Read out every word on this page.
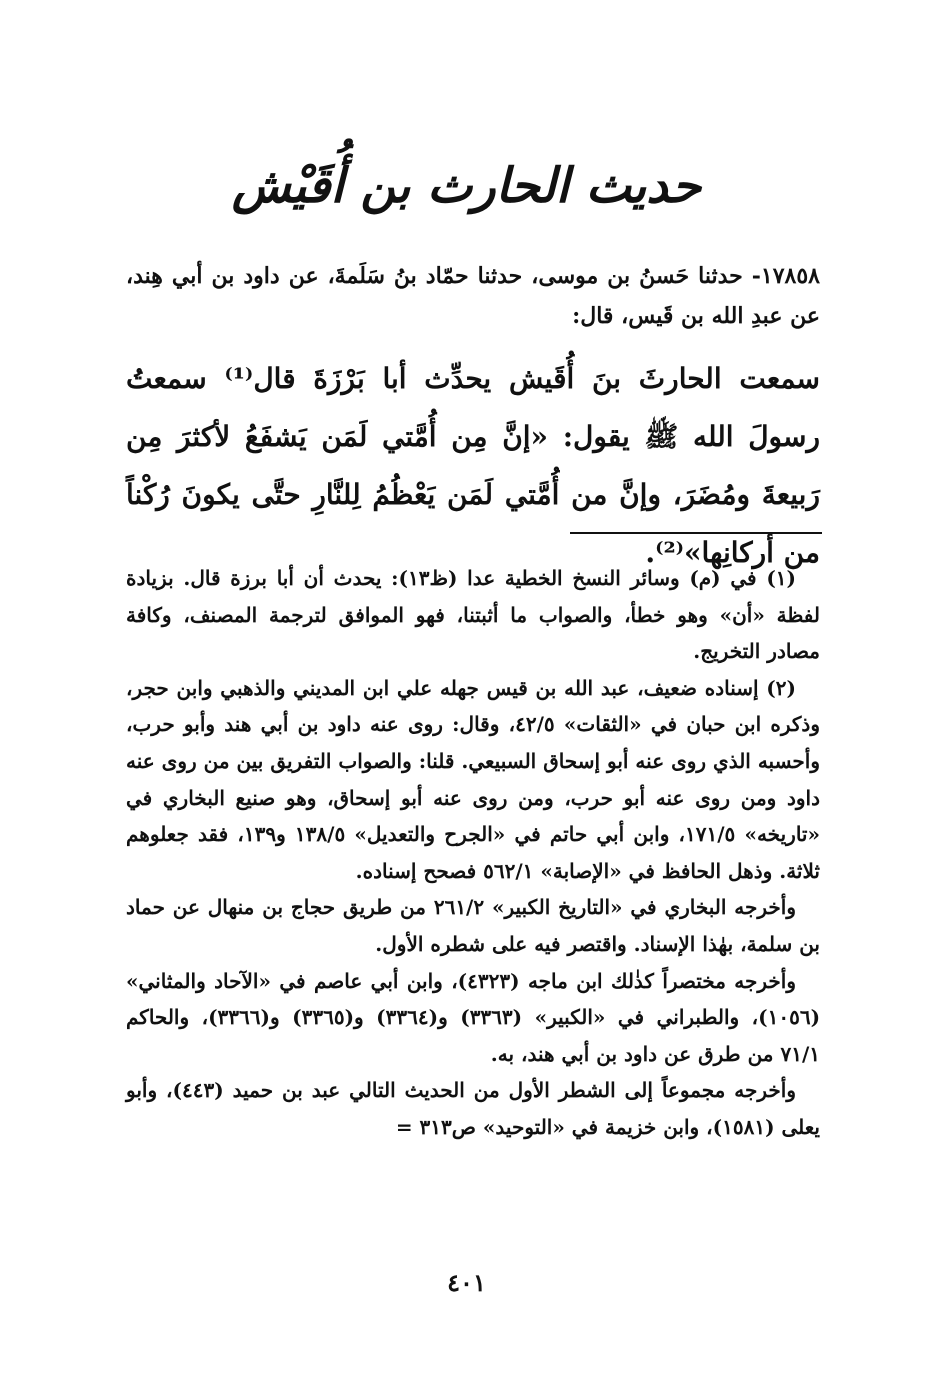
حديث الحارث بن أُقَيْش
١٧٨٥٨- حدثنا حَسنُ بن موسى، حدثنا حمّاد بنُ سَلَمةَ، عن داود بن أبي هِند، عن عبدِ الله بن قَيس، قال:
سمعت الحارثَ بنَ أُقَيش يحدِّث أبا بَرْزَةَ قال⁽¹⁾ سمعتُ رسولَ الله ﷺ يقول: «إنَّ مِن أُمَّتي لَمَن يَشفَعُ لأكثرَ مِن رَبيعةَ ومُضَرَ، وإنَّ من أُمَّتي لَمَن يَعْظُمُ لِلنَّارِ حتَّى يكونَ رُكْناً من أركانِها»⁽²⁾.

(١) في (م) وسائر النسخ الخطية عدا (ظ١٣): يحدث أن أبا برزة قال. بزيادة لفظة «أن» وهو خطأ، والصواب ما أثبتنا، فهو الموافق لترجمة المصنف، وكافة مصادر التخريج.

(٢) إسناده ضعيف، عبد الله بن قيس جهله علي ابن المديني والذهبي وابن حجر، وذكره ابن حبان في «الثقات» ٤٢/٥، وقال: روى عنه داود بن أبي هند وأبو حرب، وأحسبه الذي روى عنه أبو إسحاق السبيعي. قلنا: والصواب التفريق بين من روى عنه داود ومن روى عنه أبو حرب، ومن روى عنه أبو إسحاق، وهو صنيع البخاري في «تاريخه» ١٧١/٥، وابن أبي حاتم في «الجرح والتعديل» ١٣٨/٥ و١٣٩، فقد جعلوهم ثلاثة. وذهل الحافظ في «الإصابة» ٥٦٢/١ فصحح إسناده.

وأخرجه البخاري في «التاريخ الكبير» ٢٦١/٢ من طريق حجاج بن منهال عن حماد بن سلمة، بهٰذا الإسناد. واقتصر فيه على شطره الأول.

وأخرجه مختصراً كذٰلك ابن ماجه (٤٣٢٣)، وابن أبي عاصم في «الآحاد والمثاني» (١٠٥٦)، والطبراني في «الكبير» (٣٣٦٣) و(٣٣٦٤) و(٣٣٦٥) و(٣٣٦٦)، والحاكم ٧١/١ من طرق عن داود بن أبي هند، به.

وأخرجه مجموعاً إلى الشطر الأول من الحديث التالي عبد بن حميد (٤٤٣)، وأبو يعلى (١٥٨١)، وابن خزيمة في «التوحيد» ص٣١٣ =

٤٠١
